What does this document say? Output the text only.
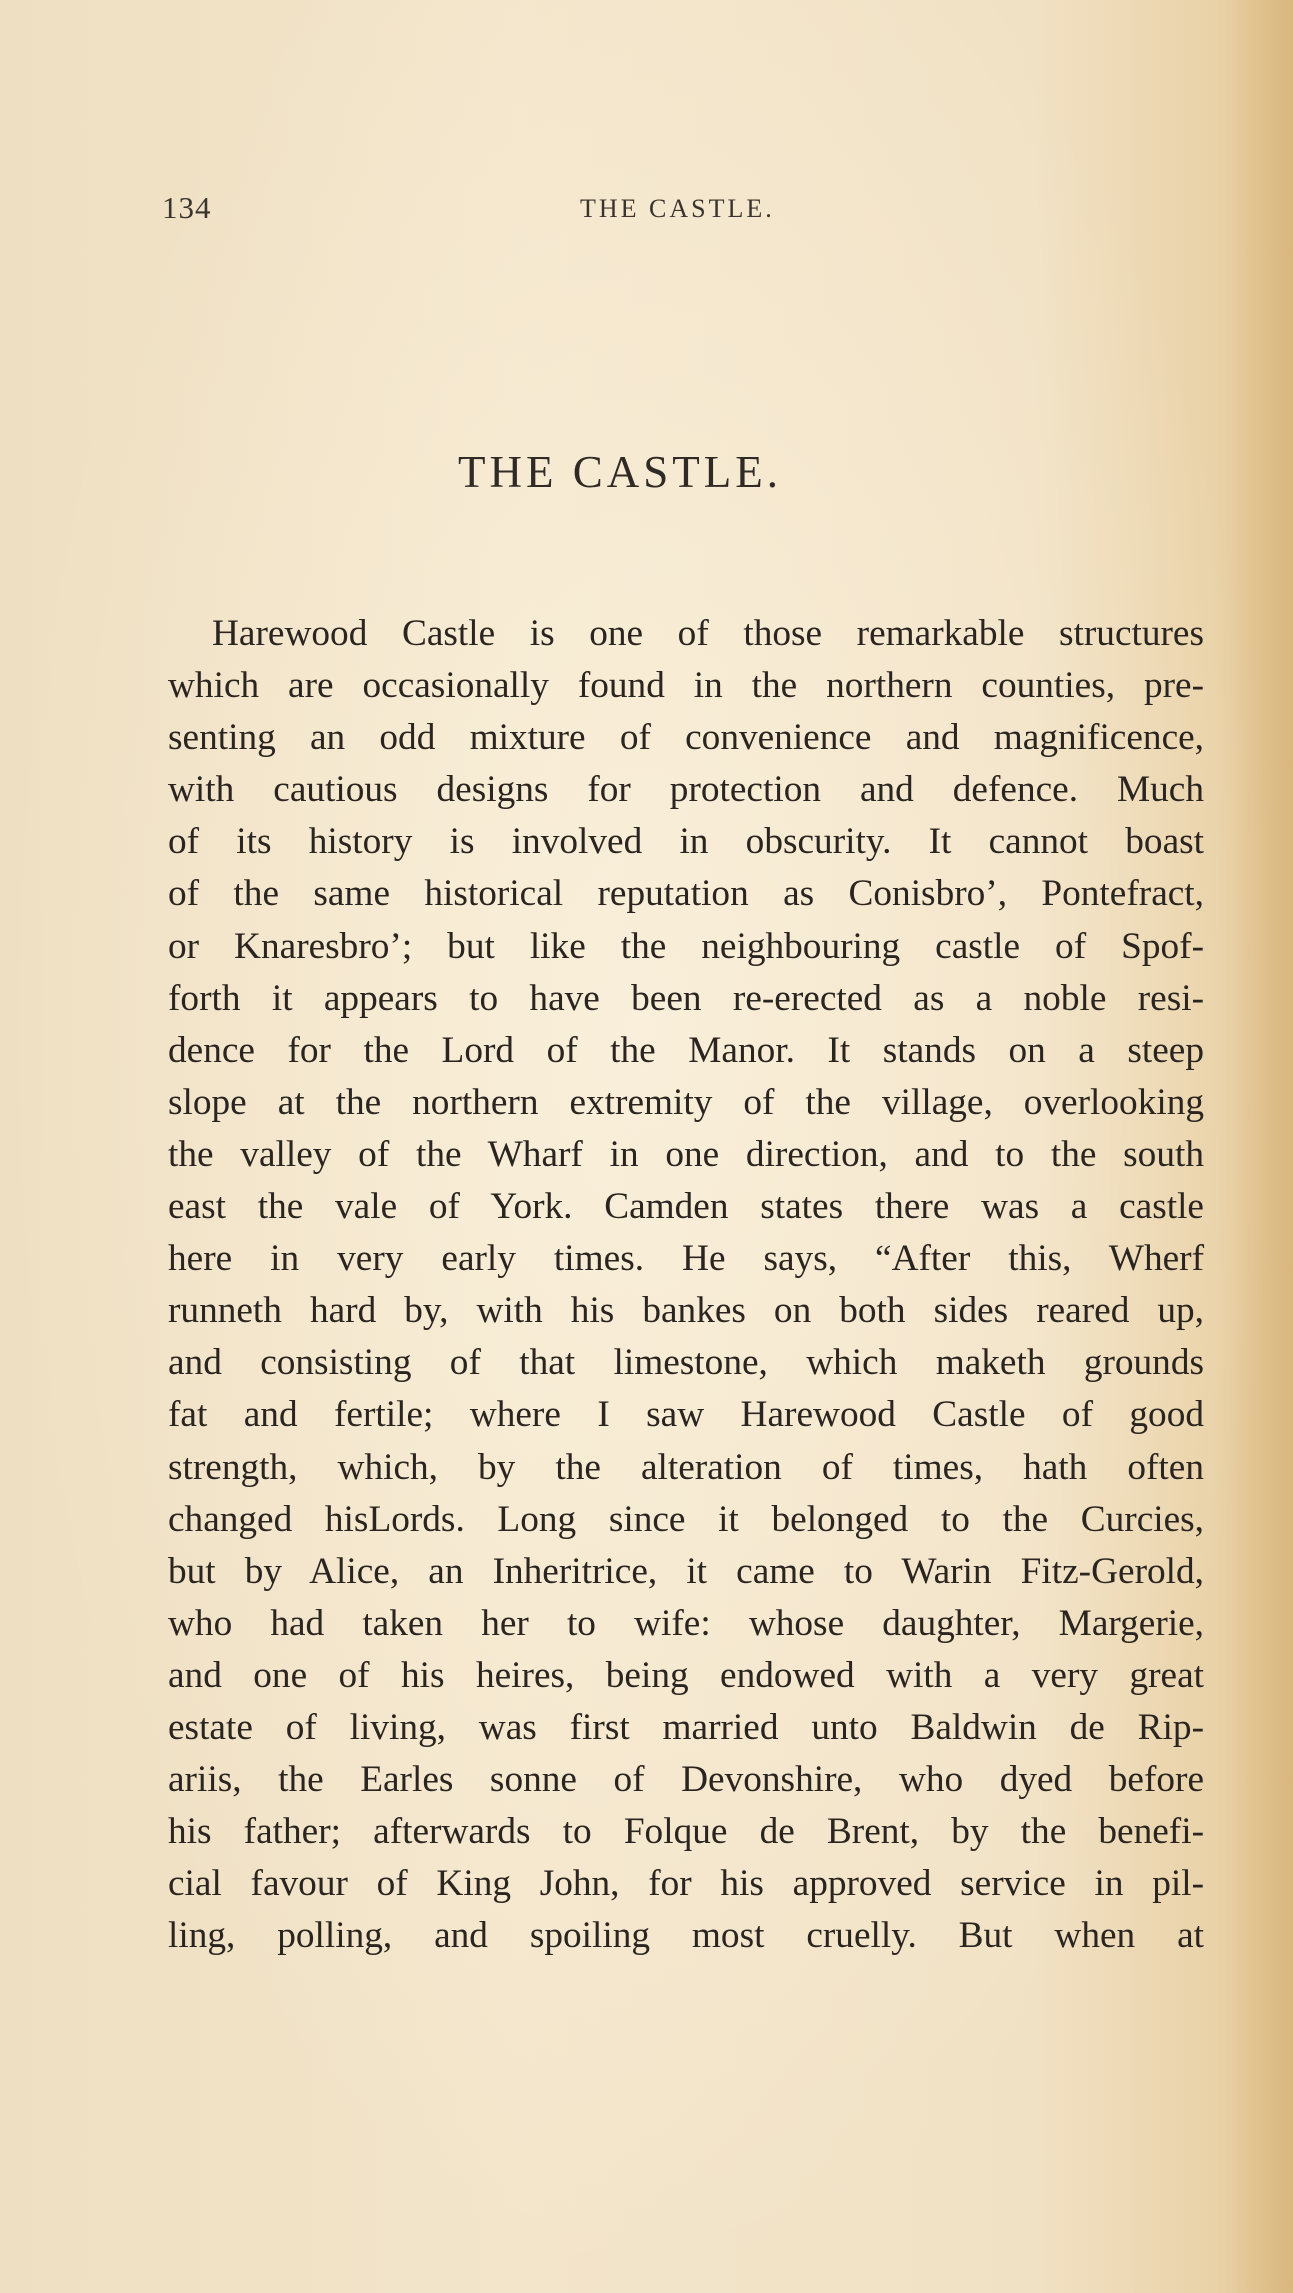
134	THE CASTLE.
THE CASTLE.

Harewood Castle is one of those remarkable structures
which are occasionally found in the northern counties, pre-
senting an odd mixture of convenience and magnificence,
with cautious designs for protection and defence. Much
of its history is involved in obscurity. It cannot boast
of the same historical reputation as Conisbro’, Pontefract,
or Knaresbro’; but like the neighbouring castle of Spof-
forth it appears to have been re-erected as a noble resi-
dence for the Lord of the Manor. It stands on a steep
slope at the northern extremity of the village, overlooking
the valley of the Wharf in one direction, and to the south
east the vale of York. Camden states there was a castle
here in very early times. He says, “After this, Wherf
runneth hard by, with his bankes on both sides reared up,
and consisting of that limestone, which maketh grounds
fat and fertile; where I saw Harewood Castle of good
strength, which, by the alteration of times, hath often
changed hisLords. Long since it belonged to the Curcies,
but by Alice, an Inheritrice, it came to Warin Fitz-Gerold,
who had taken her to wife: whose daughter, Margerie,
and one of his heires, being endowed with a very great
estate of living, was first married unto Baldwin de Rip-
ariis, the Earles sonne of Devonshire, who dyed before
his father; afterwards to Folque de Brent, by the benefi-
cial favour of King John, for his approved service in pil-
ling, polling, and spoiling most cruelly. But when at
